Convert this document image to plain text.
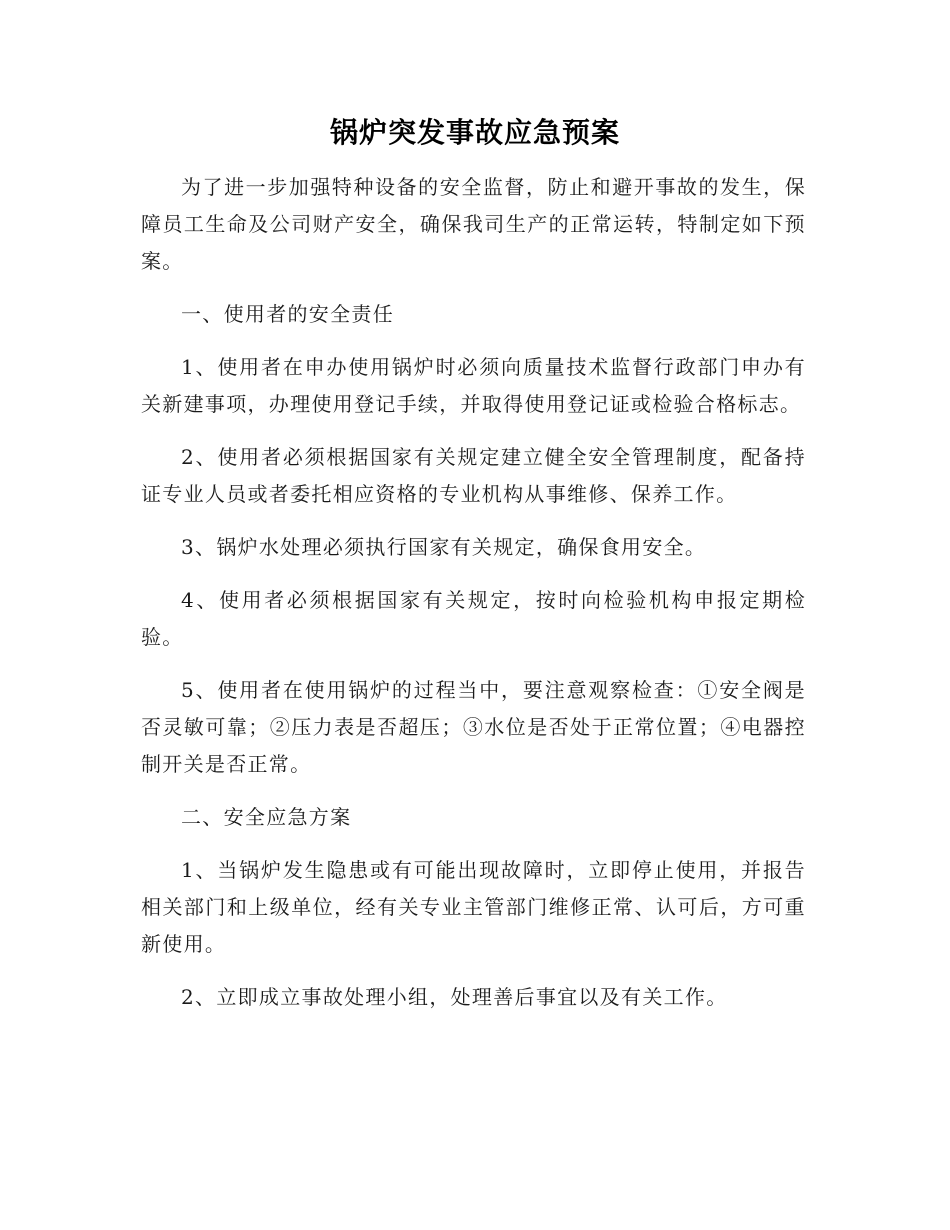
锅炉突发事故应急预案

为了进一步加强特种设备的安全监督，防止和避开事故的发生，保障员工生命及公司财产安全，确保我司生产的正常运转，特制定如下预案。

一、使用者的安全责任

1、使用者在申办使用锅炉时必须向质量技术监督行政部门申办有关新建事项，办理使用登记手续，并取得使用登记证或检验合格标志。

2、使用者必须根据国家有关规定建立健全安全管理制度，配备持证专业人员或者委托相应资格的专业机构从事维修、保养工作。

3、锅炉水处理必须执行国家有关规定，确保食用安全。

4、使用者必须根据国家有关规定，按时向检验机构申报定期检验。

5、使用者在使用锅炉的过程当中，要注意观察检查：①安全阀是否灵敏可靠；②压力表是否超压；③水位是否处于正常位置；④电器控制开关是否正常。

二、安全应急方案

1、当锅炉发生隐患或有可能出现故障时，立即停止使用，并报告相关部门和上级单位，经有关专业主管部门维修正常、认可后，方可重新使用。

2、立即成立事故处理小组，处理善后事宜以及有关工作。
